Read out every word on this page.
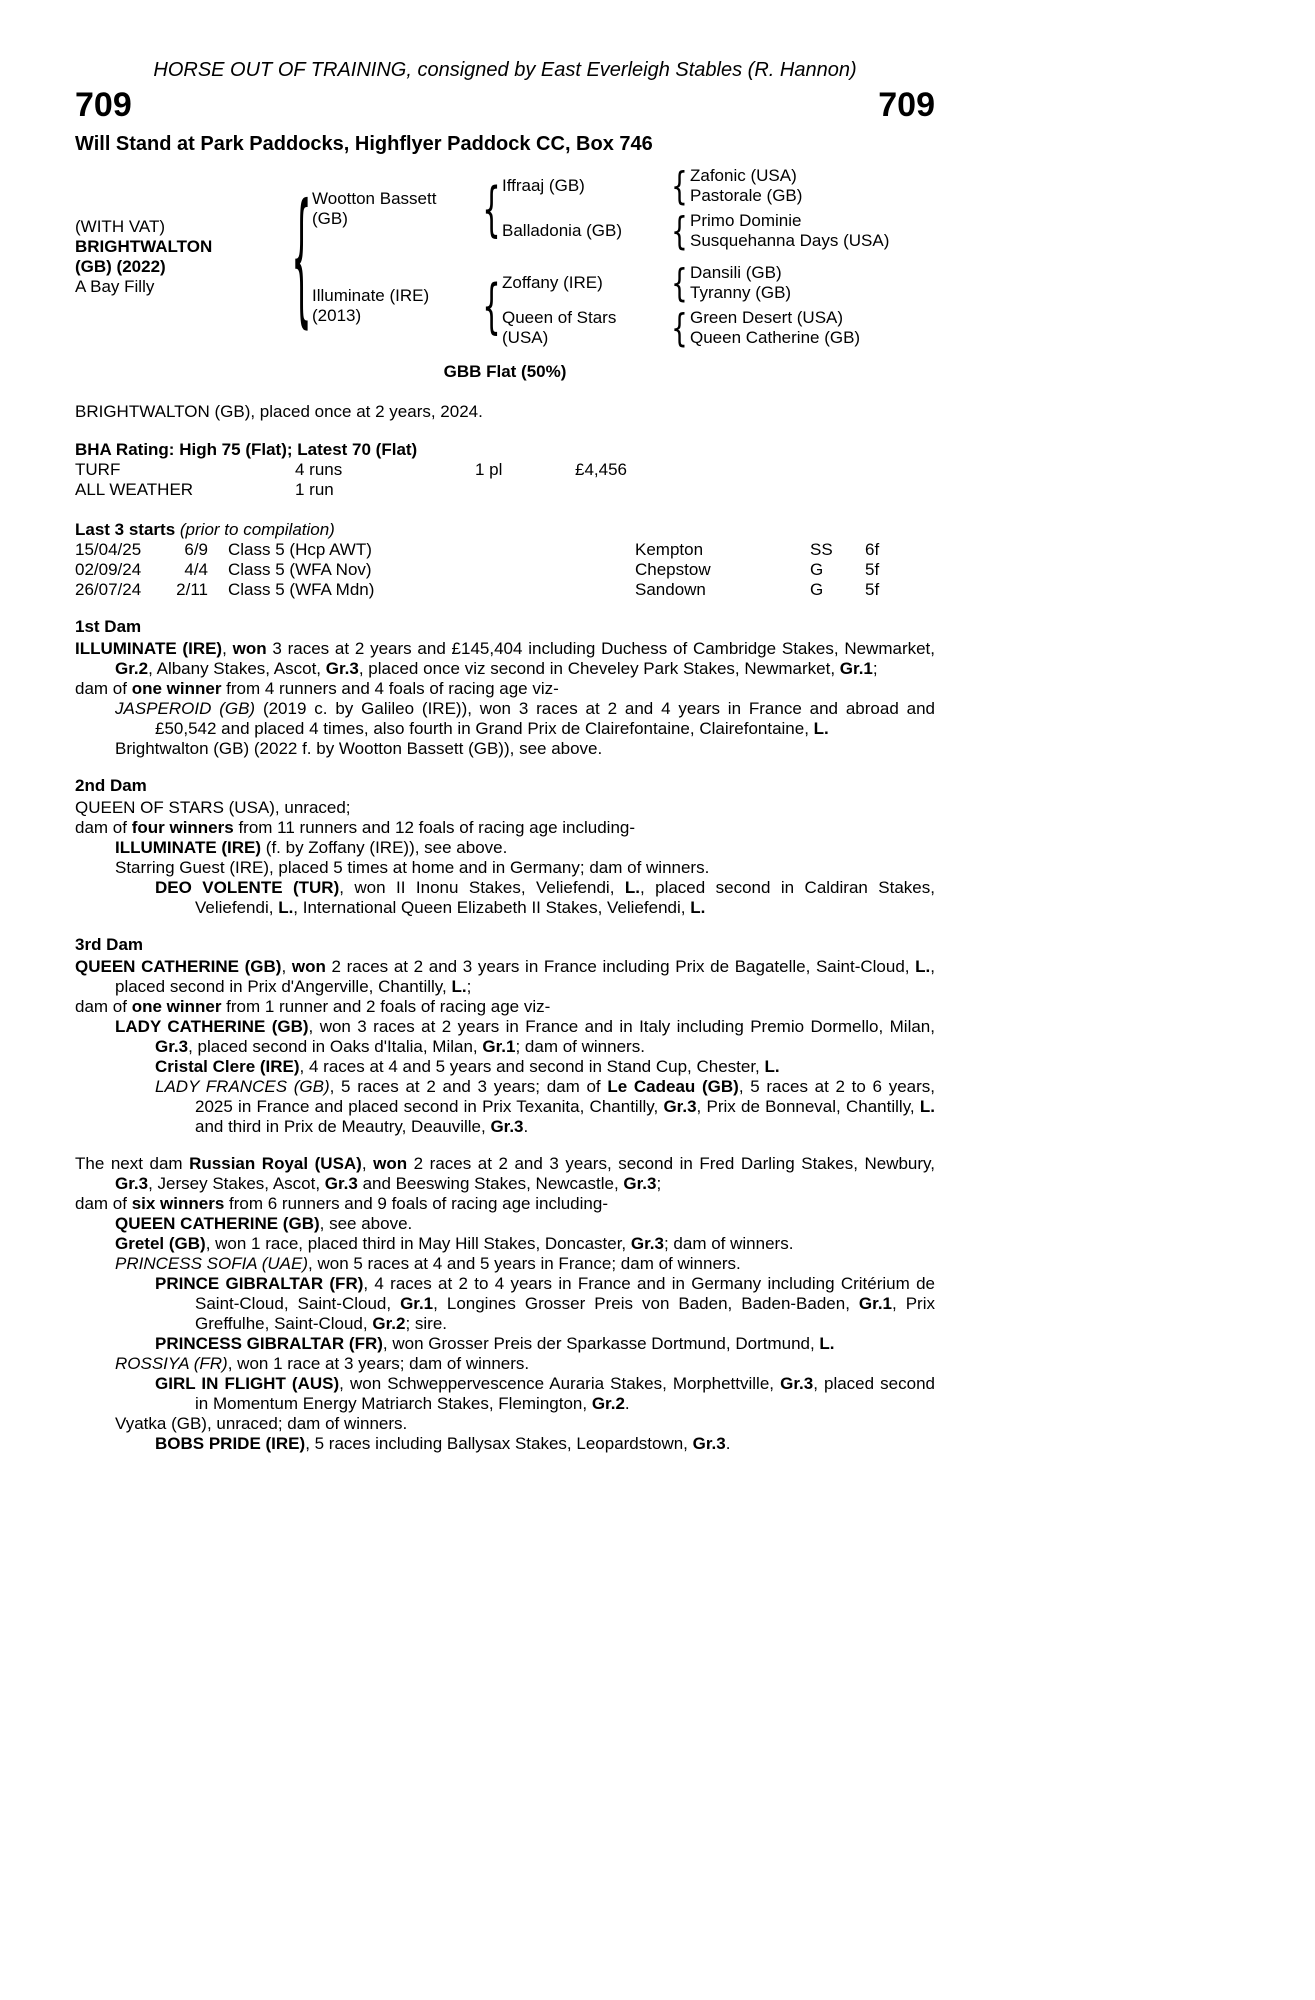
HORSE OUT OF TRAINING, consigned by East Everleigh Stables (R. Hannon)
709	709
Will Stand at Park Paddocks, Highflyer Paddock CC, Box 746
(WITH VAT)
BRIGHTWALTON
(GB) (2022)
A Bay Filly	{ Wootton Bassett
(GB)	{ Iffraaj (GB)	{ Zafonic (USA)
Pastorale (GB)
Balladonia (GB) { Primo Dominie
Susquehanna Days (USA)
Illuminate (IRE)
(2013)	{ Zoffany (IRE)	{ Dansili (GB)
Tyranny (GB)
Queen of Stars
(USA)	{ Green Desert (USA)
Queen Catherine (GB)
GBB Flat (50%)
BRIGHTWALTON (GB), placed once at 2 years, 2024.
BHA Rating: High 75 (Flat); Latest 70 (Flat)
TURF	4 runs	1 pl	£4,456
ALL WEATHER	1 run
Last 3 starts (prior to compilation)
15/04/25	6/9	Class 5 (Hcp AWT)	Kempton	SS	6f
02/09/24	4/4	Class 5 (WFA Nov)	Chepstow	G	5f
26/07/24	2/11	Class 5 (WFA Mdn)	Sandown	G	5f
1st Dam
ILLUMINATE (IRE), won 3 races at 2 years and £145,404 including Duchess of Cambridge Stakes, Newmarket, Gr.2, Albany Stakes, Ascot, Gr.3, placed once viz second in Cheveley Park Stakes, Newmarket, Gr.1;
dam of one winner from 4 runners and 4 foals of racing age viz-
JASPEROID (GB) (2019 c. by Galileo (IRE)), won 3 races at 2 and 4 years in France and abroad and £50,542 and placed 4 times, also fourth in Grand Prix de Clairefontaine, Clairefontaine, L.
Brightwalton (GB) (2022 f. by Wootton Bassett (GB)), see above.
2nd Dam
QUEEN OF STARS (USA), unraced;
dam of four winners from 11 runners and 12 foals of racing age including-
ILLUMINATE (IRE) (f. by Zoffany (IRE)), see above.
Starring Guest (IRE), placed 5 times at home and in Germany; dam of winners.
DEO VOLENTE (TUR), won II Inonu Stakes, Veliefendi, L., placed second in Caldiran Stakes, Veliefendi, L., International Queen Elizabeth II Stakes, Veliefendi, L.
3rd Dam
QUEEN CATHERINE (GB), won 2 races at 2 and 3 years in France including Prix de Bagatelle, Saint-Cloud, L., placed second in Prix d'Angerville, Chantilly, L.;
dam of one winner from 1 runner and 2 foals of racing age viz-
LADY CATHERINE (GB), won 3 races at 2 years in France and in Italy including Premio Dormello, Milan, Gr.3, placed second in Oaks d'Italia, Milan, Gr.1; dam of winners.
Cristal Clere (IRE), 4 races at 4 and 5 years and second in Stand Cup, Chester, L.
LADY FRANCES (GB), 5 races at 2 and 3 years; dam of Le Cadeau (GB), 5 races at 2 to 6 years, 2025 in France and placed second in Prix Texanita, Chantilly, Gr.3, Prix de Bonneval, Chantilly, L. and third in Prix de Meautry, Deauville, Gr.3.
The next dam Russian Royal (USA), won 2 races at 2 and 3 years, second in Fred Darling Stakes, Newbury, Gr.3, Jersey Stakes, Ascot, Gr.3 and Beeswing Stakes, Newcastle, Gr.3;
dam of six winners from 6 runners and 9 foals of racing age including-
QUEEN CATHERINE (GB), see above.
Gretel (GB), won 1 race, placed third in May Hill Stakes, Doncaster, Gr.3; dam of winners.
PRINCESS SOFIA (UAE), won 5 races at 4 and 5 years in France; dam of winners.
PRINCE GIBRALTAR (FR), 4 races at 2 to 4 years in France and in Germany including Critérium de Saint-Cloud, Saint-Cloud, Gr.1, Longines Grosser Preis von Baden, Baden-Baden, Gr.1, Prix Greffulhe, Saint-Cloud, Gr.2; sire.
PRINCESS GIBRALTAR (FR), won Grosser Preis der Sparkasse Dortmund, Dortmund, L.
ROSSIYA (FR), won 1 race at 3 years; dam of winners.
GIRL IN FLIGHT (AUS), won Schweppervescence Auraria Stakes, Morphettville, Gr.3, placed second in Momentum Energy Matriarch Stakes, Flemington, Gr.2.
Vyatka (GB), unraced; dam of winners.
BOBS PRIDE (IRE), 5 races including Ballysax Stakes, Leopardstown, Gr.3.
